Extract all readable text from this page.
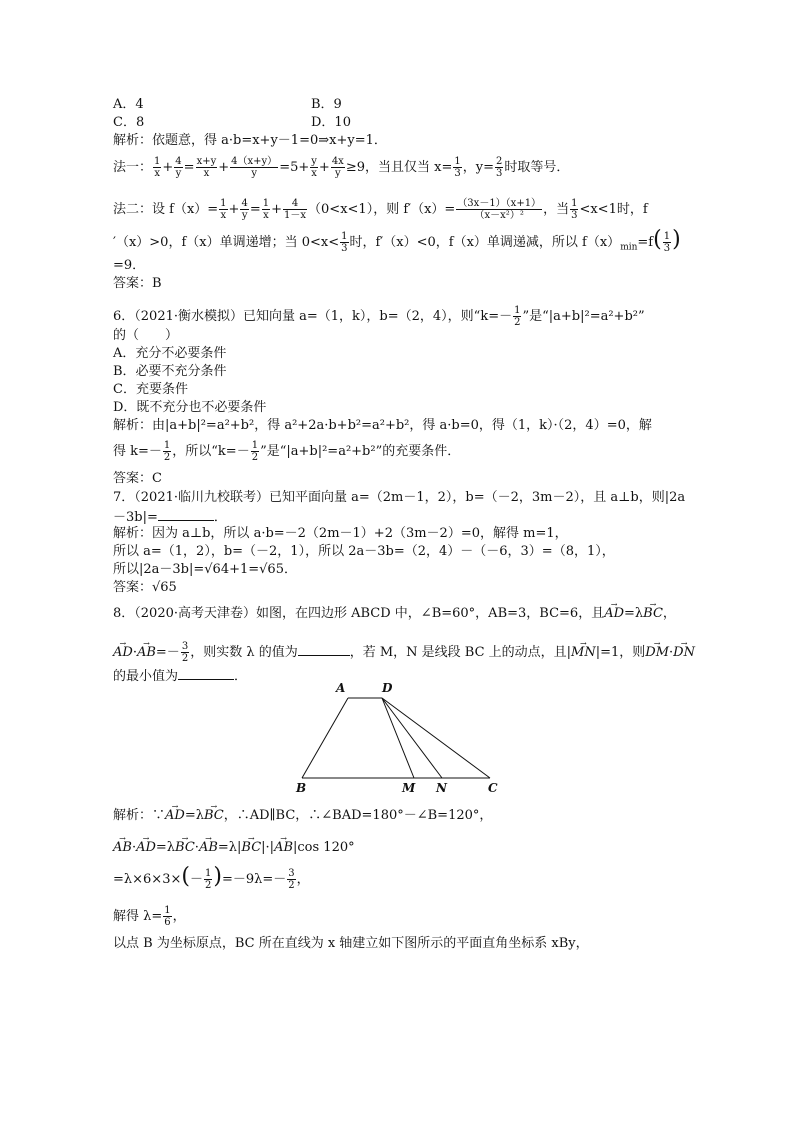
A．4	B．9
C．8	D．10
解析：依题意，得 a·b=x+y－1=0⇒x+y=1．
法一： $\frac{1}{x} + \frac{4}{y} = \frac{x+y}{x} + \frac{4(x+y)}{y} =5+ \frac{y}{x} + \frac{4x}{y} \ge 9$，当且仅当 $x= \frac{1}{3}$ ，$y= \frac{2}{3}$ 时取等号．
法二：设 $f(x)= \frac{1}{x} + \frac{4}{y} = \frac{1}{x} + \frac{4}{1-x} (0<x<1)$，则 $f'(x)= \frac{(3x-1)(x+1)}{\text{（x－x²）²}}$ ，当 $\frac{1}{3} <x<1$时，f
′（x）>0，f（x）单调递增；当 $0<x< \frac{1}{3}$ 时，f′（x）<0，f（x）单调递减，所以 $f(x)_{min}=f( \frac{1}{3}$ )
=9．
答案：B
6．（2021·衡水模拟）已知向量 a=（1，k），b=（2，4），则“$k=- \frac{1}{2}$ ”是“|a+b|²=a²+b²”
的（　　）
A．充分不必要条件
B．必要不充分条件
C．充要条件
D．既不充分也不必要条件
解析：由|a+b|²=a²+b²，得 a²+2a·b+b²=a²+b²，得 a·b=0，得（1，k）·（2，4）=0，解
得 $k=- \frac{1}{2}$ ，所以“$k=- \frac{1}{2}$ ”是“|a+b|²=a²+b²”的充要条件．
答案：C
7．（2021·临川九校联考）已知平面向量 a=（2m－1，2），b=（－2，3m－2），且 a⊥b，则|2a
－3b|=	．
解析：因为 a⊥b，所以 a·b=－2（2m－1）+2（3m－2）=0，解得 m=1，
所以 a=（1，2），b=（－2，1），所以 2a－3b=（2，4）－（－6，3）=（8，1），
所以|2a－3b|=√64+1=√65．
答案：√65
8．（2020·高考天津卷）如图，在四边形 ABCD 中，∠B=60°，AB=3，BC=6，且→ AD=λ→ BC，
→ $AD\cdot\to AB=- \frac{3}{2}$ ，则实数 λ 的值为	，若 M，N 是线段 BC 上的动点，且|→ MN|=1，则→ DM·→ DN
的最小值为	．
A	D
B	M N	C
解析：∵→ AD=λ→ BC，∴AD∥BC，∴∠BAD=180°－∠B=120°，
→ AB·→ AD=λ→ BC·→ AB=λ|→ BC|·|→ AB|cos 120°
$=\lambda\times 6\times 3\times(- \frac{1}{2} )=-9\lambda=- \frac{3}{2}$ ，
解得 $\lambda= \frac{1}{6}$ ，
以点 B 为坐标原点，BC 所在直线为 x 轴建立如下图所示的平面直角坐标系 xBy，
